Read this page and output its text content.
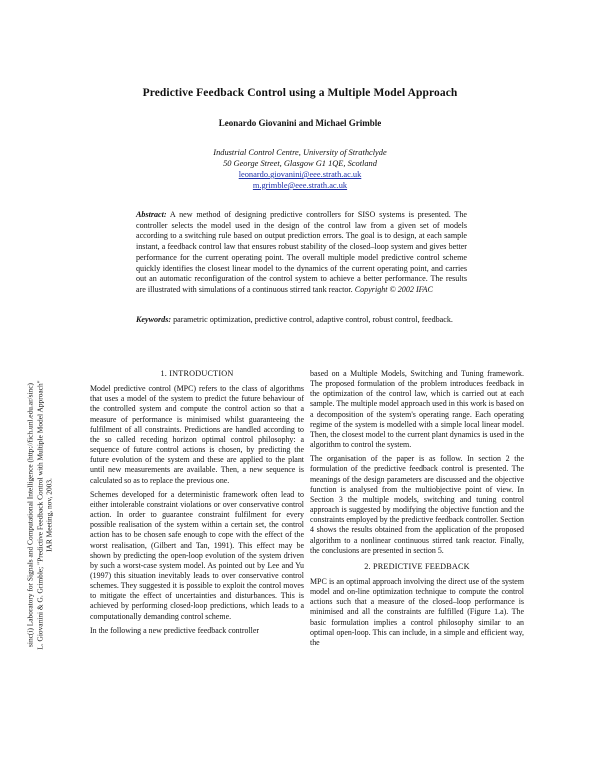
sinc(i) Laboratory for Signals and Computational Intelligence (http://fich.unl.edu.ar/sinc) L. Giovanini & G. Grimble; "Predictive Feedback Control with Multiple Model Approach" IAR Meeting, nov, 2003.
Predictive Feedback Control using a Multiple Model Approach
Leonardo Giovanini and Michael Grimble
Industrial Control Centre, University of Strathclyde
50 George Street, Glasgow G1 1QE, Scotland
leonardo.giovanini@eee.strath.ac.uk
m.grimble@eee.strath.ac.uk

Abstract: A new method of designing predictive controllers for SISO systems is presented. The controller selects the model used in the design of the control law from a given set of models according to a switching rule based on output prediction errors. The goal is to design, at each sample instant, a feedback control law that ensures robust stability of the closed–loop system and gives better performance for the current operating point. The overall multiple model predictive control scheme quickly identifies the closest linear model to the dynamics of the current operating point, and carries out an automatic reconfiguration of the control system to achieve a better performance. The results are illustrated with simulations of a continuous stirred tank reactor. Copyright © 2002 IFAC

Keywords: parametric optimization, predictive control, adaptive control, robust control, feedback.

1. INTRODUCTION

Model predictive control (MPC) refers to the class of algorithms that uses a model of the system to predict the future behaviour of the controlled system and compute the control action so that a measure of performance is minimised whilst guaranteeing the fulfilment of all constraints. Predictions are handled according to the so called receding horizon optimal control philosophy: a sequence of future control actions is chosen, by predicting the future evolution of the system and these are applied to the plant until new measurements are available. Then, a new sequence is calculated so as to replace the previous one.

Schemes developed for a deterministic framework often lead to either intolerable constraint violations or over conservative control action. In order to guarantee constraint fulfilment for every possible realisation of the system within a certain set, the control action has to be chosen safe enough to cope with the effect of the worst realisation, (Gilbert and Tan, 1991). This effect may be shown by predicting the open-loop evolution of the system driven by such a worst-case system model. As pointed out by Lee and Yu (1997) this situation inevitably leads to over conservative control schemes. They suggested it is possible to exploit the control moves to mitigate the effect of uncertainties and disturbances. This is achieved by performing closed-loop predictions, which leads to a computationally demanding control scheme.

In the following a new predictive feedback controller

based on a Multiple Models, Switching and Tuning framework. The proposed formulation of the problem introduces feedback in the optimization of the control law, which is carried out at each sample. The multiple model approach used in this work is based on a decomposition of the system's operating range. Each operating regime of the system is modelled with a simple local linear model. Then, the closest model to the current plant dynamics is used in the algorithm to control the system.

The organisation of the paper is as follow. In section 2 the formulation of the predictive feedback control is presented. The meanings of the design parameters are discussed and the objective function is analysed from the multiobjective point of view. In Section 3 the multiple models, switching and tuning control approach is suggested by modifying the objective function and the constraints employed by the predictive feedback controller. Section 4 shows the results obtained from the application of the proposed algorithm to a nonlinear continuous stirred tank reactor. Finally, the conclusions are presented in section 5.

2. PREDICTIVE FEEDBACK

MPC is an optimal approach involving the direct use of the system model and on-line optimization technique to compute the control actions such that a measure of the closed–loop performance is minimised and all the constraints are fulfilled (Figure 1.a). The basic formulation implies a control philosophy similar to an optimal open-loop. This can include, in a simple and efficient way, the
